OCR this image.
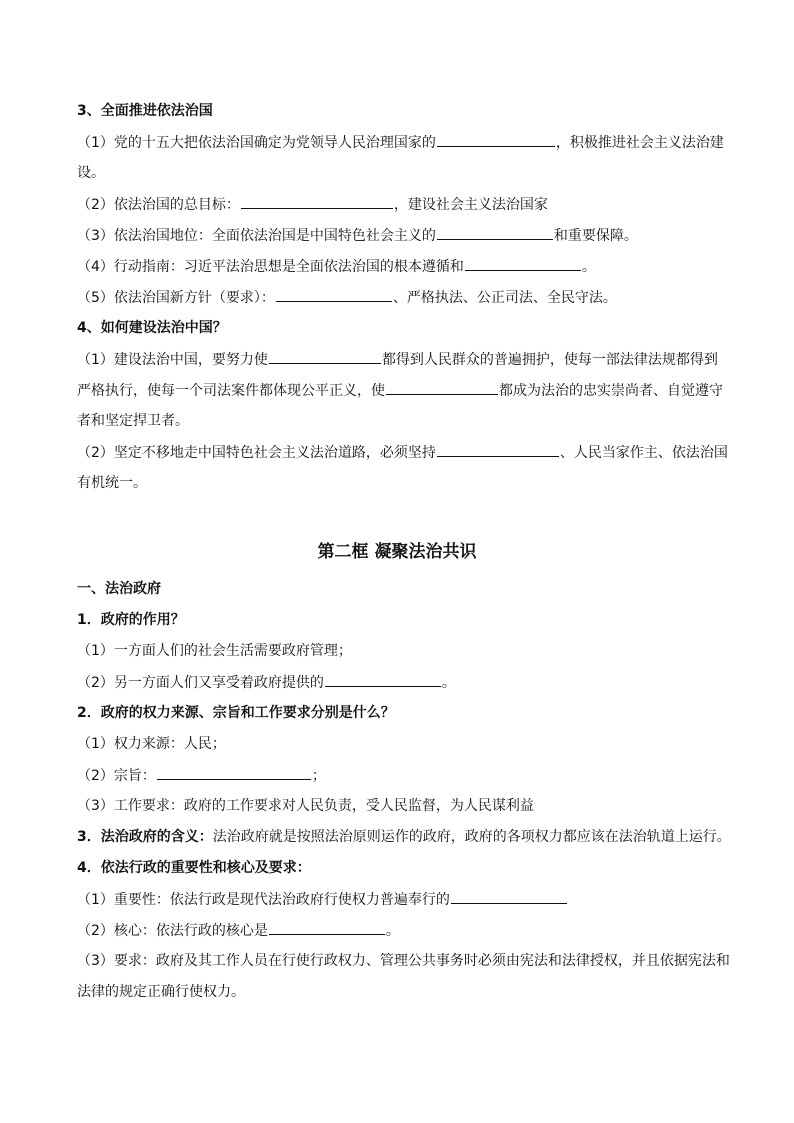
3、全面推进依法治国
（1）党的十五大把依法治国确定为党领导人民治理国家的	，积极推进社会主义法治建
设。
（2）依法治国的总目标：	，建设社会主义法治国家
（3）依法治国地位：全面依法治国是中国特色社会主义的	和重要保障。
（4）行动指南：习近平法治思想是全面依法治国的根本遵循和	。
（5）依法治国新方针（要求）：	、严格执法、公正司法、全民守法。
4、如何建设法治中国？
（1）建设法治中国，要努力使	都得到人民群众的普遍拥护，使每一部法律法规都得到
严格执行，使每一个司法案件都体现公平正义，使	都成为法治的忠实崇尚者、自觉遵守
者和坚定捍卫者。
（2）坚定不移地走中国特色社会主义法治道路，必须坚持	、人民当家作主、依法治国
有机统一。
第二框 凝聚法治共识
一、法治政府
1．政府的作用？
（1）一方面人们的社会生活需要政府管理；
（2）另一方面人们又享受着政府提供的	。
2．政府的权力来源、宗旨和工作要求分别是什么？
（1）权力来源：人民；
（2）宗旨：	；
（3）工作要求：政府的工作要求对人民负责，受人民监督，为人民谋利益
3．法治政府的含义：法治政府就是按照法治原则运作的政府，政府的各项权力都应该在法治轨道上运行。
4．依法行政的重要性和核心及要求：
（1）重要性：依法行政是现代法治政府行使权力普遍奉行的
（2）核心：依法行政的核心是	。
（3）要求：政府及其工作人员在行使行政权力、管理公共事务时必须由宪法和法律授权，并且依据宪法和
法律的规定正确行使权力。
